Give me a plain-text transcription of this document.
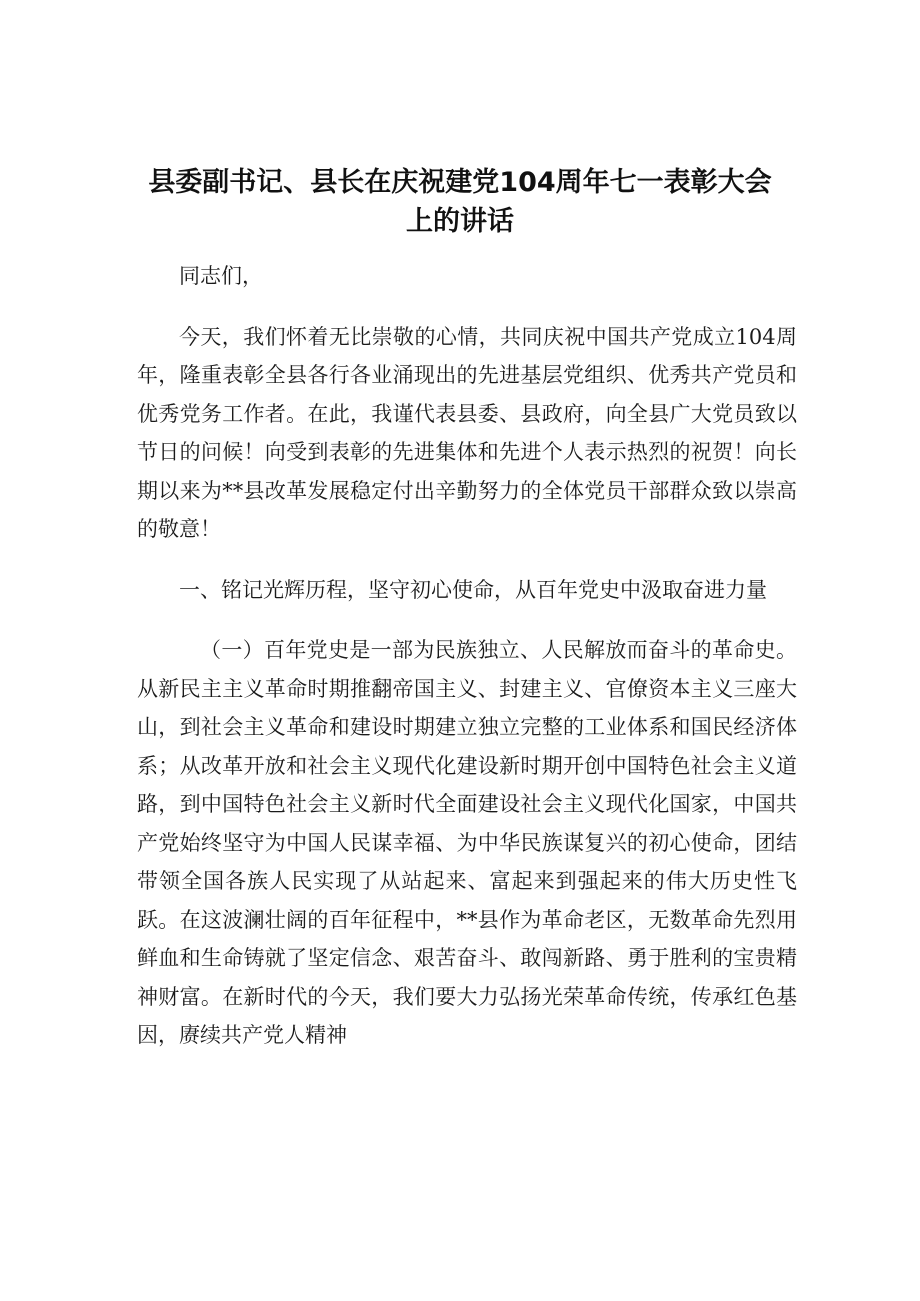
县委副书记、县长在庆祝建党104周年七一表彰大会上的讲话

同志们，

今天，我们怀着无比崇敬的心情，共同庆祝中国共产党成立104周年，隆重表彰全县各行各业涌现出的先进基层党组织、优秀共产党员和优秀党务工作者。在此，我谨代表县委、县政府，向全县广大党员致以节日的问候！向受到表彰的先进集体和先进个人表示热烈的祝贺！向长期以来为**县改革发展稳定付出辛勤努力的全体党员干部群众致以崇高的敬意！

一、铭记光辉历程，坚守初心使命，从百年党史中汲取奋进力量

（一）百年党史是一部为民族独立、人民解放而奋斗的革命史。从新民主主义革命时期推翻帝国主义、封建主义、官僚资本主义三座大山，到社会主义革命和建设时期建立独立完整的工业体系和国民经济体系；从改革开放和社会主义现代化建设新时期开创中国特色社会主义道路，到中国特色社会主义新时代全面建设社会主义现代化国家，中国共产党始终坚守为中国人民谋幸福、为中华民族谋复兴的初心使命，团结带领全国各族人民实现了从站起来、富起来到强起来的伟大历史性飞跃。在这波澜壮阔的百年征程中，**县作为革命老区，无数革命先烈用鲜血和生命铸就了坚定信念、艰苦奋斗、敢闯新路、勇于胜利的宝贵精神财富。在新时代的今天，我们要大力弘扬光荣革命传统，传承红色基因，赓续共产党人精神
